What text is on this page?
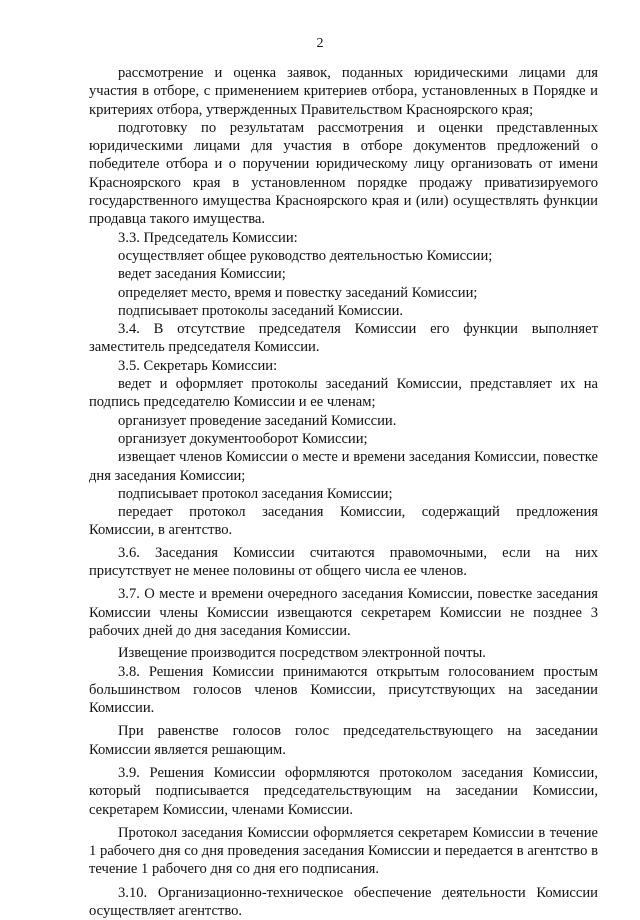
2

рассмотрение и оценка заявок, поданных юридическими лицами для участия в отборе, с применением критериев отбора, установленных в Порядке и критериях отбора, утвержденных Правительством Красноярского края;

подготовку по результатам рассмотрения и оценки представленных юридическими лицами для участия в отборе документов предложений о победителе отбора и о поручении юридическому лицу организовать от имени Красноярского края в установленном порядке продажу приватизируемого государственного имущества Красноярского края и (или) осуществлять функции продавца такого имущества.

3.3. Председатель Комиссии:

осуществляет общее руководство деятельностью Комиссии;

ведет заседания Комиссии;

определяет место, время и повестку заседаний Комиссии;

подписывает протоколы заседаний Комиссии.

3.4. В отсутствие председателя Комиссии его функции выполняет заместитель председателя Комиссии.

3.5. Секретарь Комиссии:

ведет и оформляет протоколы заседаний Комиссии, представляет их на подпись председателю Комиссии и ее членам;

организует проведение заседаний Комиссии.

организует документооборот Комиссии;

извещает членов Комиссии о месте и времени заседания Комиссии, повестке дня заседания Комиссии;

подписывает протокол заседания Комиссии;

передает протокол заседания Комиссии, содержащий предложения Комиссии, в агентство.

3.6. Заседания Комиссии считаются правомочными, если на них присутствует не менее половины от общего числа ее членов.

3.7. О месте и времени очередного заседания Комиссии, повестке заседания Комиссии члены Комиссии извещаются секретарем Комиссии не позднее 3 рабочих дней до дня заседания Комиссии.

Извещение производится посредством электронной почты.

3.8. Решения Комиссии принимаются открытым голосованием простым большинством голосов членов Комиссии, присутствующих на заседании Комиссии.

При равенстве голосов голос председательствующего на заседании Комиссии является решающим.

3.9. Решения Комиссии оформляются протоколом заседания Комиссии, который подписывается председательствующим на заседании Комиссии, секретарем Комиссии, членами Комиссии.

Протокол заседания Комиссии оформляется секретарем Комиссии в течение 1 рабочего дня со дня проведения заседания Комиссии и передается в агентство в течение 1 рабочего дня со дня его подписания.

3.10. Организационно-техническое обеспечение деятельности Комиссии осуществляет агентство.
